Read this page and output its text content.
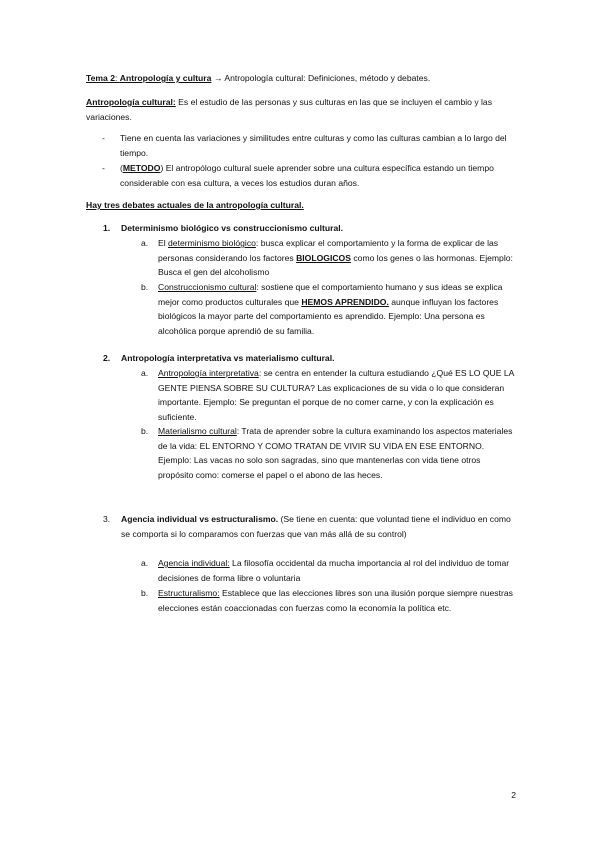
Tema 2: Antropología y cultura → Antropología cultural: Definiciones, método y debates.

Antropología cultural: Es el estudio de las personas y sus culturas en las que se incluyen el cambio y las variaciones.

- Tiene en cuenta las variaciones y similitudes entre culturas y como las culturas cambian a lo largo del tiempo.
- (METODO) El antropólogo cultural suele aprender sobre una cultura específica estando un tiempo considerable con esa cultura, a veces los estudios duran años.

Hay tres debates actuales de la antropología cultural.

1. Determinismo biológico vs construccionismo cultural.
a. El determinismo biológico: busca explicar el comportamiento y la forma de explicar de las personas considerando los factores BIOLOGICOS como los genes o las hormonas. Ejemplo: Busca el gen del alcoholismo
b. Construccionismo cultural: sostiene que el comportamiento humano y sus ideas se explica mejor como productos culturales que HEMOS APRENDIDO. aunque influyan los factores biológicos la mayor parte del comportamiento es aprendido. Ejemplo: Una persona es alcohólica porque aprendió de su familia.
2. Antropología interpretativa vs materialismo cultural.
a. Antropología interpretativa: se centra en entender la cultura estudiando ¿Qué ES LO QUE LA GENTE PIENSA SOBRE SU CULTURA? Las explicaciones de su vida o lo que consideran importante. Ejemplo: Se preguntan el porque de no comer carne, y con la explicación es suficiente.
b. Materialismo cultural: Trata de aprender sobre la cultura examinando los aspectos materiales de la vida: EL ENTORNO Y COMO TRATAN DE VIVIR SU VIDA EN ESE ENTORNO. Ejemplo: Las vacas no solo son sagradas, sino que mantenerlas con vida tiene otros propósito como: comerse el papel o el abono de las heces.
3. Agencia individual vs estructuralismo. (Se tiene en cuenta: que voluntad tiene el individuo en como se comporta si lo comparamos con fuerzas que van más allá de su control)
a. Agencia individual: La filosofía occidental da mucha importancia al rol del individuo de tomar decisiones de forma libre o voluntaria
b. Estructuralismo: Establece que las elecciones libres son una ilusión porque siempre nuestras elecciones están coaccionadas con fuerzas como la economía la política etc.
2
